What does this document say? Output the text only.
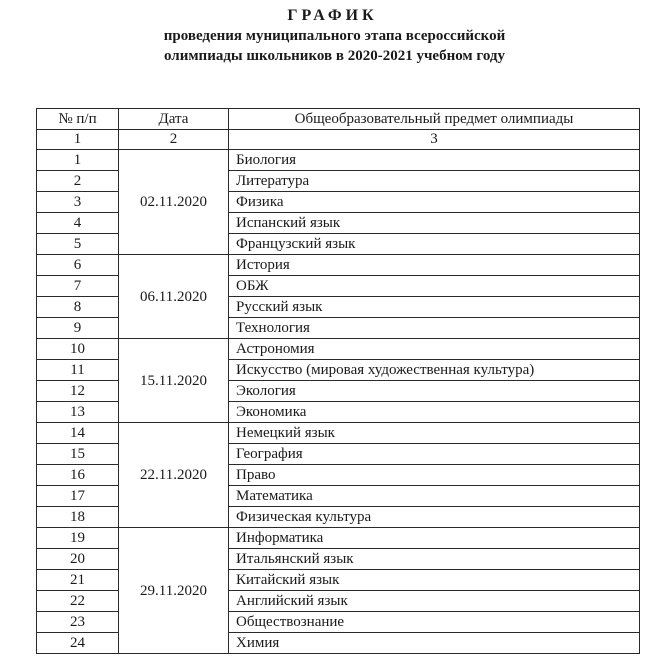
ГРАФИК
проведения муниципального этапа всероссийской
олимпиады школьников в 2020-2021 учебном году
№ п/п	Дата	Общеобразовательный предмет олимпиады
1	2	3
1	02.11.2020	Биология
2		Литература
3		Физика
4		Испанский язык
5		Французский язык
6	06.11.2020	История
7		ОБЖ
8		Русский язык
9		Технология
10	15.11.2020	Астрономия
11		Искусство (мировая художественная культура)
12		Экология
13		Экономика
14	22.11.2020	Немецкий язык
15		География
16		Право
17		Математика
18		Физическая культура
19	29.11.2020	Информатика
20		Итальянский язык
21		Китайский язык
22		Английский язык
23		Обществознание
24		Химия
